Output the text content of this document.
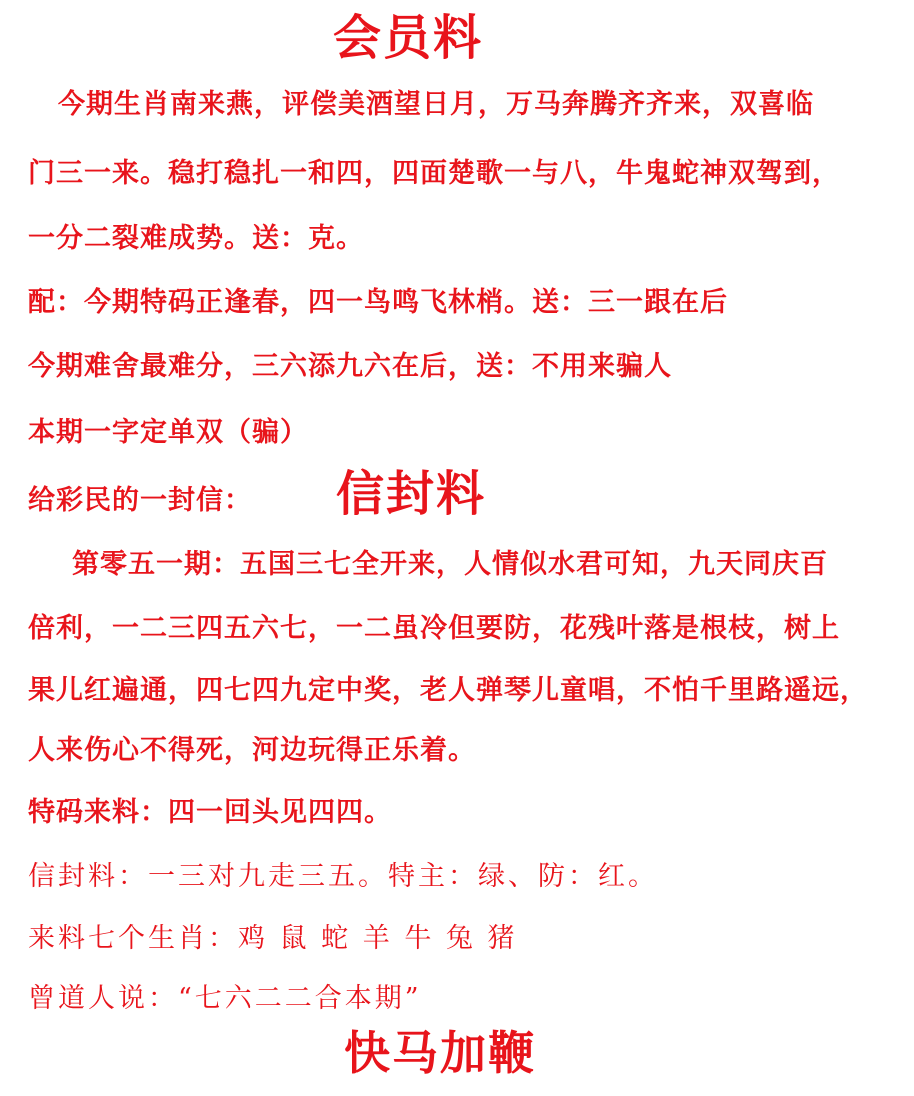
会员料
今期生肖南来燕，评偿美酒望日月，万马奔腾齐齐来，双喜临
门三一来。稳打稳扎一和四，四面楚歌一与八，牛鬼蛇神双驾到，
一分二裂难成势。送：克。
配：今期特码正逢春，四一鸟鸣飞林梢。送：三一跟在后
今期难舍最难分，三六添九六在后，送：不用来骗人
本期一字定单双（骗）
给彩民的一封信： 信封料
第零五一期：五国三七全开来，人情似水君可知，九天同庆百
倍利，一二三四五六七，一二虽冷但要防，花残叶落是根枝，树上
果儿红遍通，四七四九定中奖，老人弹琴儿童唱，不怕千里路遥远，
人来伤心不得死，河边玩得正乐着。
特码来料：四一回头见四四。
信封料：一三对九走三五。特主：绿、防：红。
来料七个生肖：鸡 鼠 蛇 羊 牛 兔 猪
曾道人说：“七六二二合本期”
快马加鞭
